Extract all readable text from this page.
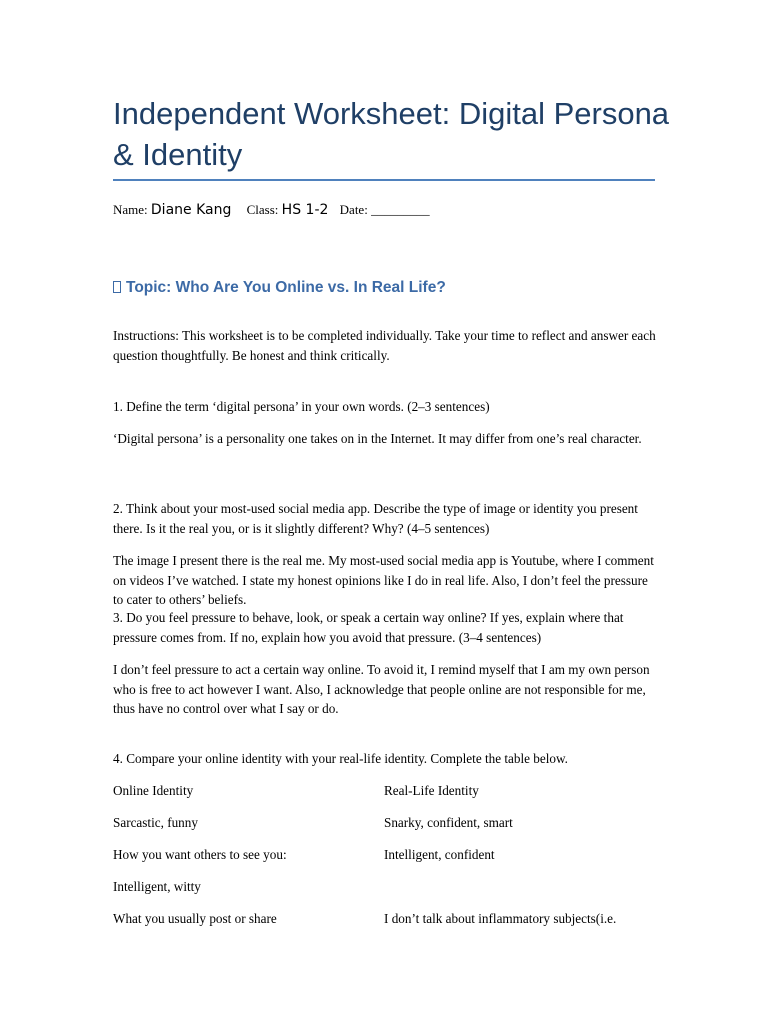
Independent Worksheet: Digital Persona & Identity
Name: Diane Kang Class: HS 1-2 Date: _________
Topic: Who Are You Online vs. In Real Life?

Instructions: This worksheet is to be completed individually. Take your time to reflect and answer each question thoughtfully. Be honest and think critically.

1. Define the term ‘digital persona’ in your own words. (2–3 sentences)

‘Digital persona’ is a personality one takes on in the Internet. It may differ from one’s real character.

2. Think about your most-used social media app. Describe the type of image or identity you present there. Is it the real you, or is it slightly different? Why? (4–5 sentences)

The image I present there is the real me. My most-used social media app is Youtube, where I comment on videos I’ve watched. I state my honest opinions like I do in real life. Also, I don’t feel the pressure to cater to others’ beliefs.

3. Do you feel pressure to behave, look, or speak a certain way online? If yes, explain where that pressure comes from. If no, explain how you avoid that pressure. (3–4 sentences)

I don’t feel pressure to act a certain way online. To avoid it, I remind myself that I am my own person who is free to act however I want. Also, I acknowledge that people online are not responsible for me, thus have no control over what I say or do.

4. Compare your online identity with your real-life identity. Complete the table below.

Online Identity	Real-Life Identity
Sarcastic, funny	Snarky, confident, smart
How you want others to see you:	Intelligent, confident
Intelligent, witty
What you usually post or share	I don’t talk about inflammatory subjects(i.e.
